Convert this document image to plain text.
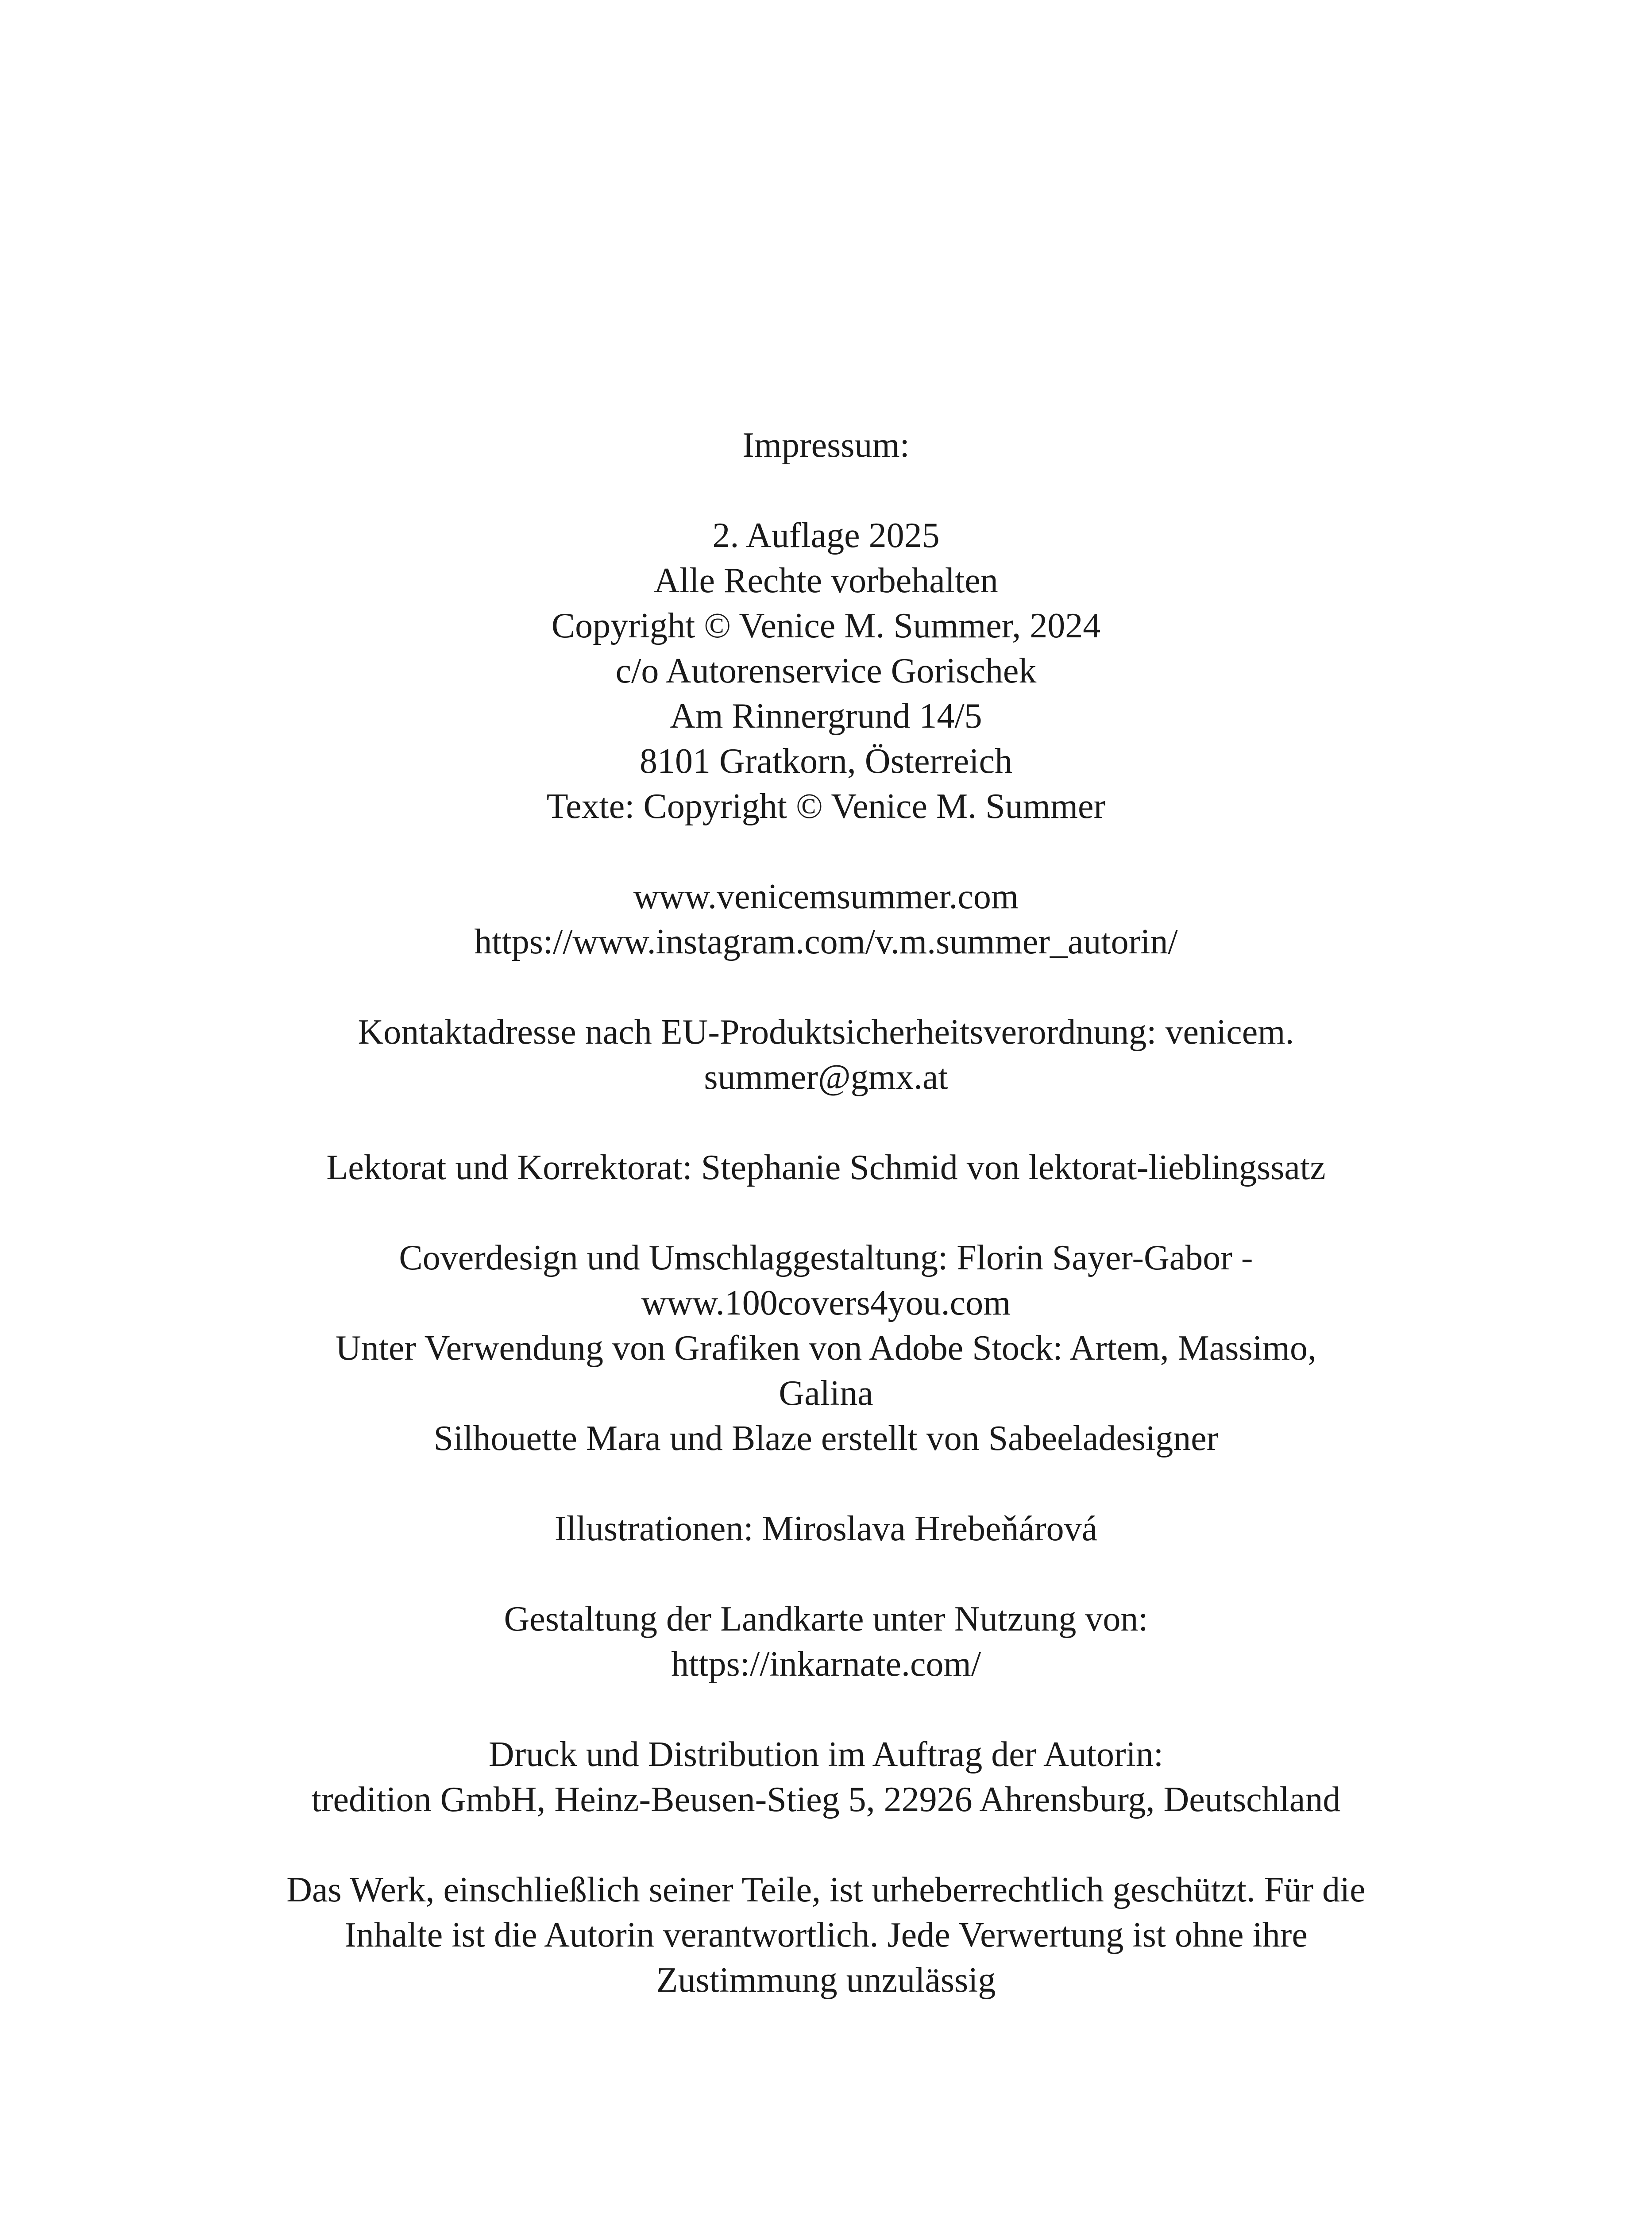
Impressum:
2. Auflage 2025
Alle Rechte vorbehalten
Copyright © Venice M. Summer, 2024
c/o Autorenservice Gorischek
Am Rinnergrund 14/5
8101 Gratkorn, Österreich
Texte: Copyright © Venice M. Summer
www.venicemsummer.com
https://www.instagram.com/v.m.summer_autorin/
Kontaktadresse nach EU-Produktsicherheitsverordnung: venicem.
summer@gmx.at
Lektorat und Korrektorat: Stephanie Schmid von lektorat-lieblingssatz
Coverdesign und Umschlaggestaltung: Florin Sayer-Gabor -
www.100covers4you.com
Unter Verwendung von Grafiken von Adobe Stock: Artem, Massimo,
Galina
Silhouette Mara und Blaze erstellt von Sabeeladesigner
Illustrationen: Miroslava Hrebeňárová
Gestaltung der Landkarte unter Nutzung von:
https://inkarnate.com/
Druck und Distribution im Auftrag der Autorin:
tredition GmbH, Heinz-Beusen-Stieg 5, 22926 Ahrensburg, Deutschland
Das Werk, einschließlich seiner Teile, ist urheberrechtlich geschützt. Für die
Inhalte ist die Autorin verantwortlich. Jede Verwertung ist ohne ihre
Zustimmung unzulässig
